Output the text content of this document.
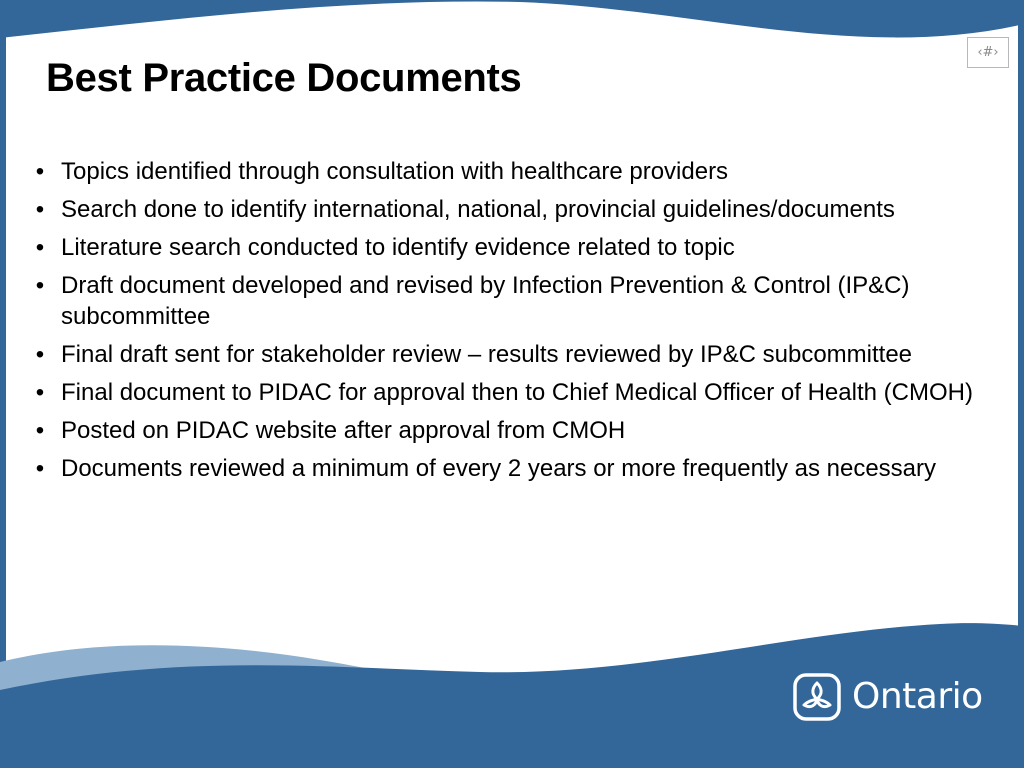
‹#›
Best Practice Documents
• Topics identified through consultation with healthcare providers
• Search done to identify international, national, provincial guidelines/documents
• Literature search conducted to identify evidence related to topic
• Draft document developed and revised by Infection Prevention & Control (IP&C) subcommittee
• Final draft sent for stakeholder review – results reviewed by IP&C subcommittee
• Final document to PIDAC for approval then to Chief Medical Officer of Health (CMOH)
• Posted on PIDAC website after approval from CMOH
• Documents reviewed a minimum of every 2 years or more frequently as necessary
Ontario
